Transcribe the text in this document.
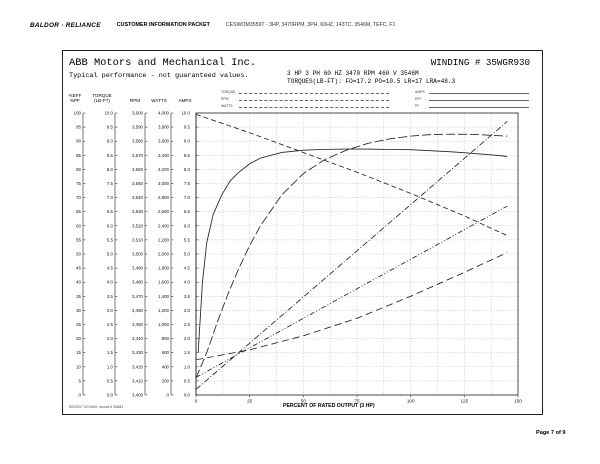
BALDOR · RELIANCE	CUSTOMER INFORMATION PACKET	CESWOM3559T - 3HP, 3470RPM, 3PH, 60HZ, 143TC, 3546M, TEFC, F1
ABB Motors and Mechanical Inc.
Typical performance - not guaranteed values.
WINDING # 35WGR930
3 HP 3 PH 60 HZ 3470 RPM 460 V 3546M
TORQUES(LB-FT): FO=17.2 PO=10.5 LR=17 LRA=48.3
TORQUE
RPM
WATTS
AMPS
EFF
PF
%EFF
%PF
TORQUE
(LB-FT)	RPM	WATTS	AMPS
0
5
10
15
20
25
30
35
40
45
50
55
60
65
70
75
80
85
90
95
100
0.0
0.5
1.0
1.5
2.0
2.5
3.0
3.5
4.0
4.5
5.0
5.5
6.0
6.5
7.0
7.5
8.0
8.5
9.0
9.5
10.0
3,400
3,410
3,420
3,430
3,440
3,450
3,460
3,470
3,480
3,490
3,500
3,510
3,520
3,530
3,540
3,550
3,560
3,570
3,580
3,590
3,600
0
200
400
600
800
1,000
1,200
1,400
1,600
1,800
2,000
2,200
2,400
2,600
2,800
3,000
3,200
3,400
3,600
3,800
4,000
0.0
0.5
1.0
1.5
2.0
2.5
3.0
3.5
4.0
4.5
5.0
5.5
6.0
6.5
7.0
7.5
8.0
8.5
9.0
9.5
10.0
0	25	50	75	100	125	150
PERCENT OF RATED OUTPUT (3 HP)
5/2/2017 0CX500, record # 33683
Page 7 of 9
